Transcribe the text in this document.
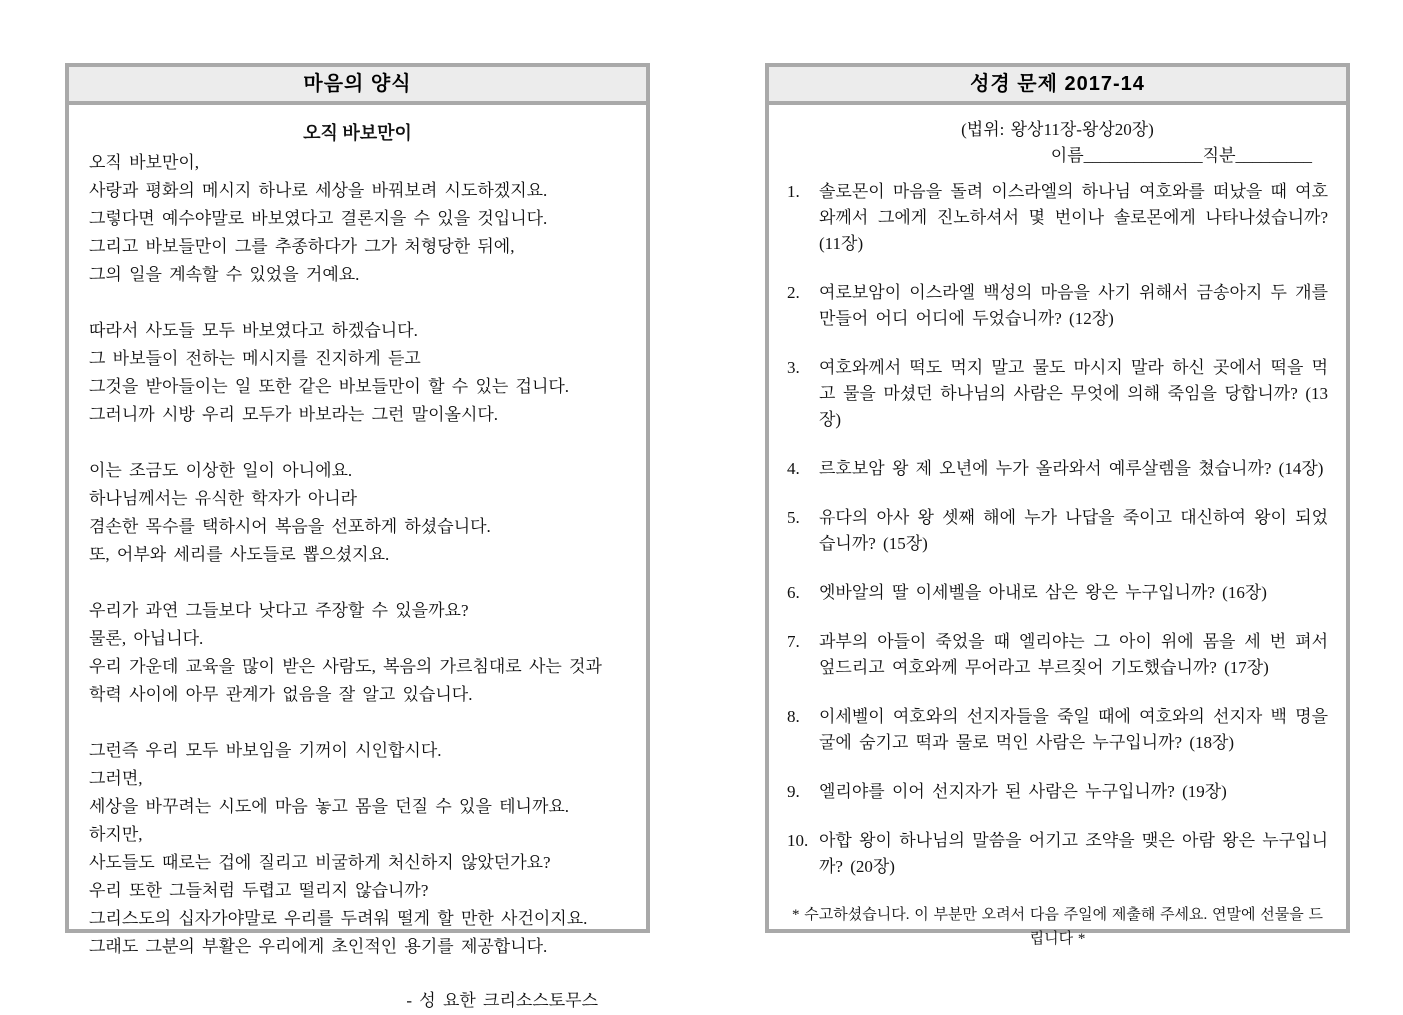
마음의 양식
오직 바보만이
오직 바보만이,
사랑과 평화의 메시지 하나로 세상을 바꿔보려 시도하겠지요.
그렇다면 예수야말로 바보였다고 결론지을 수 있을 것입니다.
그리고 바보들만이 그를 추종하다가 그가 처형당한 뒤에,
그의 일을 계속할 수 있었을 거예요.
따라서 사도들 모두 바보였다고 하겠습니다.
그 바보들이 전하는 메시지를 진지하게 듣고
그것을 받아들이는 일 또한 같은 바보들만이 할 수 있는 겁니다.
그러니까 시방 우리 모두가 바보라는 그런 말이올시다.
이는 조금도 이상한 일이 아니에요.
하나님께서는 유식한 학자가 아니라
겸손한 목수를 택하시어 복음을 선포하게 하셨습니다.
또, 어부와 세리를 사도들로 뽑으셨지요.
우리가 과연 그들보다 낫다고 주장할 수 있을까요?
물론, 아닙니다.
우리 가운데 교육을 많이 받은 사람도, 복음의 가르침대로 사는 것과
학력 사이에 아무 관계가 없음을 잘 알고 있습니다.
그런즉 우리 모두 바보임을 기꺼이 시인합시다.
그러면,
세상을 바꾸려는 시도에 마음 놓고 몸을 던질 수 있을 테니까요.
하지만,
사도들도 때로는 겁에 질리고 비굴하게 처신하지 않았던가요?
우리 또한 그들처럼 두렵고 떨리지 않습니까?
그리스도의 십자가야말로 우리를 두려워 떨게 할 만한 사건이지요.
그래도 그분의 부활은 우리에게 초인적인 용기를 제공합니다.
- 성 요한 크리소스토무스
성경 문제 2017-14
(법위: 왕상11장-왕상20장)
이름______________직분_________
1.	솔로몬이 마음을 돌려 이스라엘의 하나님 여호와를 떠났을 때 여호와께서 그에게 진노하셔서 몇 번이나 솔로몬에게 나타나셨습니까? (11장)
2.	여로보암이 이스라엘 백성의 마음을 사기 위해서 금송아지 두 개를 만들어 어디 어디에 두었습니까? (12장)
3.	여호와께서 떡도 먹지 말고 물도 마시지 말라 하신 곳에서 떡을 먹고 물을 마셨던 하나님의 사람은 무엇에 의해 죽임을 당합니까? (13장)
4.	르호보암 왕 제 오년에 누가 올라와서 예루살렘을 쳤습니까? (14장)
5.	유다의 아사 왕 셋째 해에 누가 나답을 죽이고 대신하여 왕이 되었습니까? (15장)
6.	엣바알의 딸 이세벨을 아내로 삼은 왕은 누구입니까? (16장)
7.	과부의 아들이 죽었을 때 엘리야는 그 아이 위에 몸을 세 번 펴서 엎드리고 여호와께 무어라고 부르짖어 기도했습니까? (17장)
8.	이세벨이 여호와의 선지자들을 죽일 때에 여호와의 선지자 백 명을 굴에 숨기고 떡과 물로 먹인 사람은 누구입니까? (18장)
9.	엘리야를 이어 선지자가 된 사람은 누구입니까? (19장)
10. 아합 왕이 하나님의 말씀을 어기고 조약을 맺은 아람 왕은 누구입니까? (20장)
* 수고하셨습니다. 이 부분만 오려서 다음 주일에 제출해 주세요. 연말에 선물을 드립니다 *
